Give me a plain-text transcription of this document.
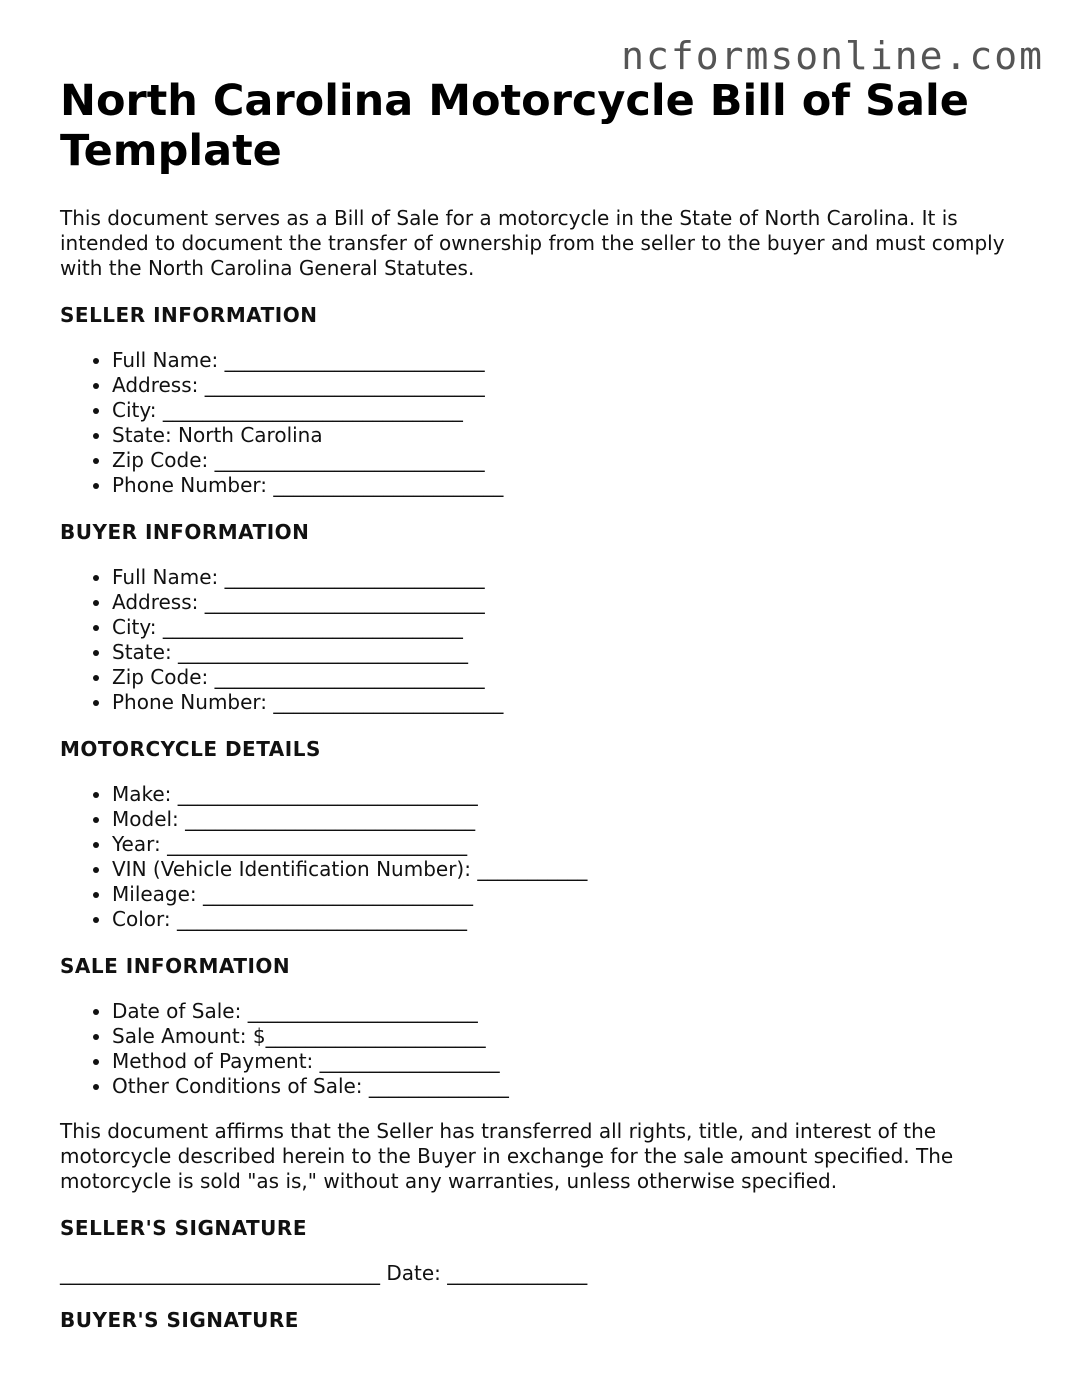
ncformsonline.com
North Carolina Motorcycle Bill of Sale Template

This document serves as a Bill of Sale for a motorcycle in the State of North Carolina. It is intended to document the transfer of ownership from the seller to the buyer and must comply with the North Carolina General Statutes.

SELLER INFORMATION
• Full Name: __________________________
• Address: ____________________________
• City: ______________________________
• State: North Carolina
• Zip Code: ___________________________
• Phone Number: _______________________
BUYER INFORMATION
• Full Name: __________________________
• Address: ____________________________
• City: ______________________________
• State: _____________________________
• Zip Code: ___________________________
• Phone Number: _______________________
MOTORCYCLE DETAILS
• Make: ______________________________
• Model: _____________________________
• Year: ______________________________
• VIN (Vehicle Identification Number): ___________
• Mileage: ___________________________
• Color: _____________________________
SALE INFORMATION
• Date of Sale: _______________________
• Sale Amount: $______________________
• Method of Payment: __________________
• Other Conditions of Sale: ______________

This document affirms that the Seller has transferred all rights, title, and interest of the motorcycle described herein to the Buyer in exchange for the sale amount specified. The motorcycle is sold "as is," without any warranties, unless otherwise specified.

SELLER'S SIGNATURE

________________________________ Date: ______________

BUYER'S SIGNATURE
